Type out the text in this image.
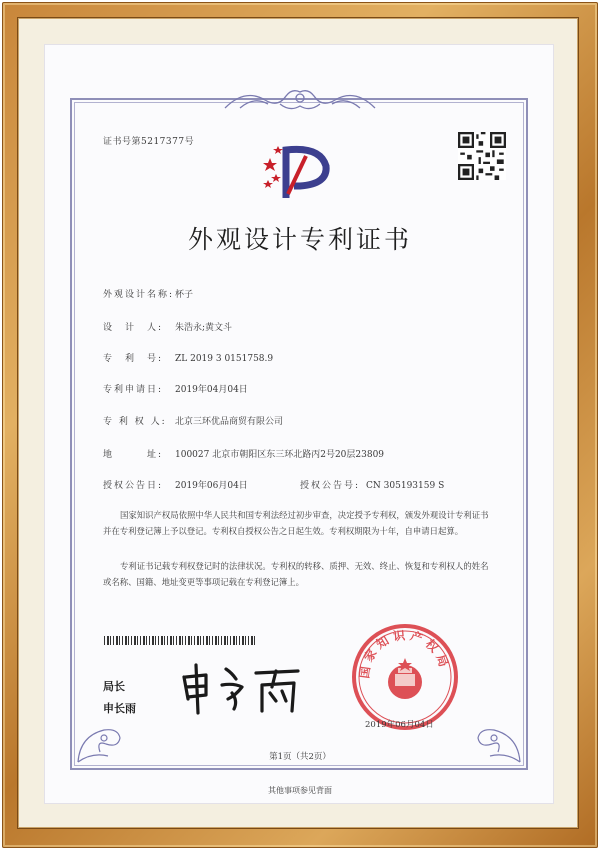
证书号第5217377号
外观设计专利证书
外观设计名称:杯子
设　计　人: 朱浩永;黄文斗
专　利　号: ZL 2019 3 0151758.9
专利申请日: 2019年04月04日
专 利 权 人: 北京三环优品商贸有限公司
地　　　址: 100027 北京市朝阳区东三环北路丙2号20层23809
授权公告日: 2019年06月04日	授权公告号: CN 305193159 S
国家知识产权局依照中华人民共和国专利法经过初步审查，决定授予专利权，颁发外观设计专利证书并在专利登记簿上予以登记。专利权自授权公告之日起生效。专利权期限为十年，自申请日起算。
专利证书记载专利权登记时的法律状况。专利权的转移、质押、无效、终止、恢复和专利权人的姓名或名称、国籍、地址变更等事项记载在专利登记簿上。
局长
申长雨
国家知识产权局
2019年06月04日
第1页（共2页）
其他事项参见背面
